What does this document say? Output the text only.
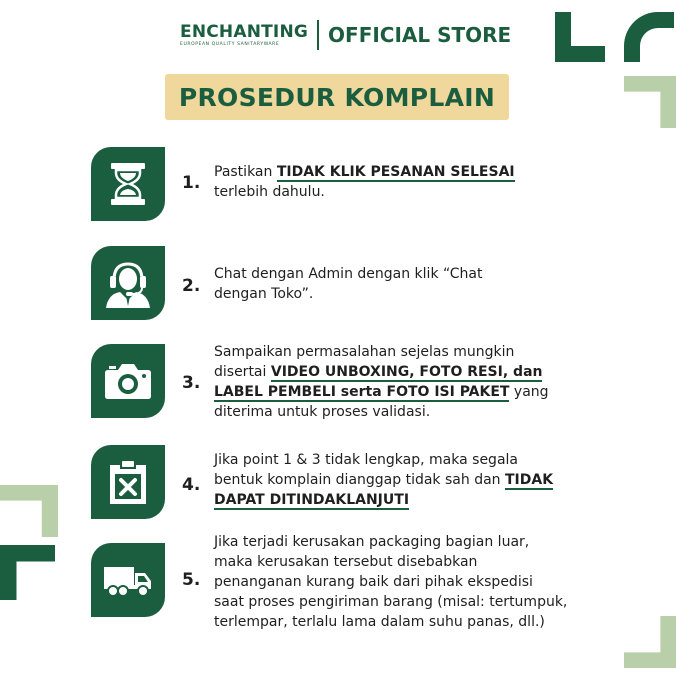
ENCHANTING
EUROPEAN QUALITY SANITARYWARE OFFICIAL STORE
PROSEDUR KOMPLAIN
1.
Pastikan TIDAK KLIK PESANAN SELESAI
terlebih dahulu.
2.
Chat dengan Admin dengan klik “Chat
dengan Toko”.
3.
Sampaikan permasalahan sejelas mungkin
disertai VIDEO UNBOXING, FOTO RESI, dan
LABEL PEMBELI serta FOTO ISI PAKET yang
diterima untuk proses validasi.
4.
Jika point 1 & 3 tidak lengkap, maka segala
bentuk komplain dianggap tidak sah dan TIDAK
DAPAT DITINDAKLANJUTI
5.
Jika terjadi kerusakan packaging bagian luar,
maka kerusakan tersebut disebabkan
penanganan kurang baik dari pihak ekspedisi
saat proses pengiriman barang (misal: tertumpuk,
terlempar, terlalu lama dalam suhu panas, dll.)
